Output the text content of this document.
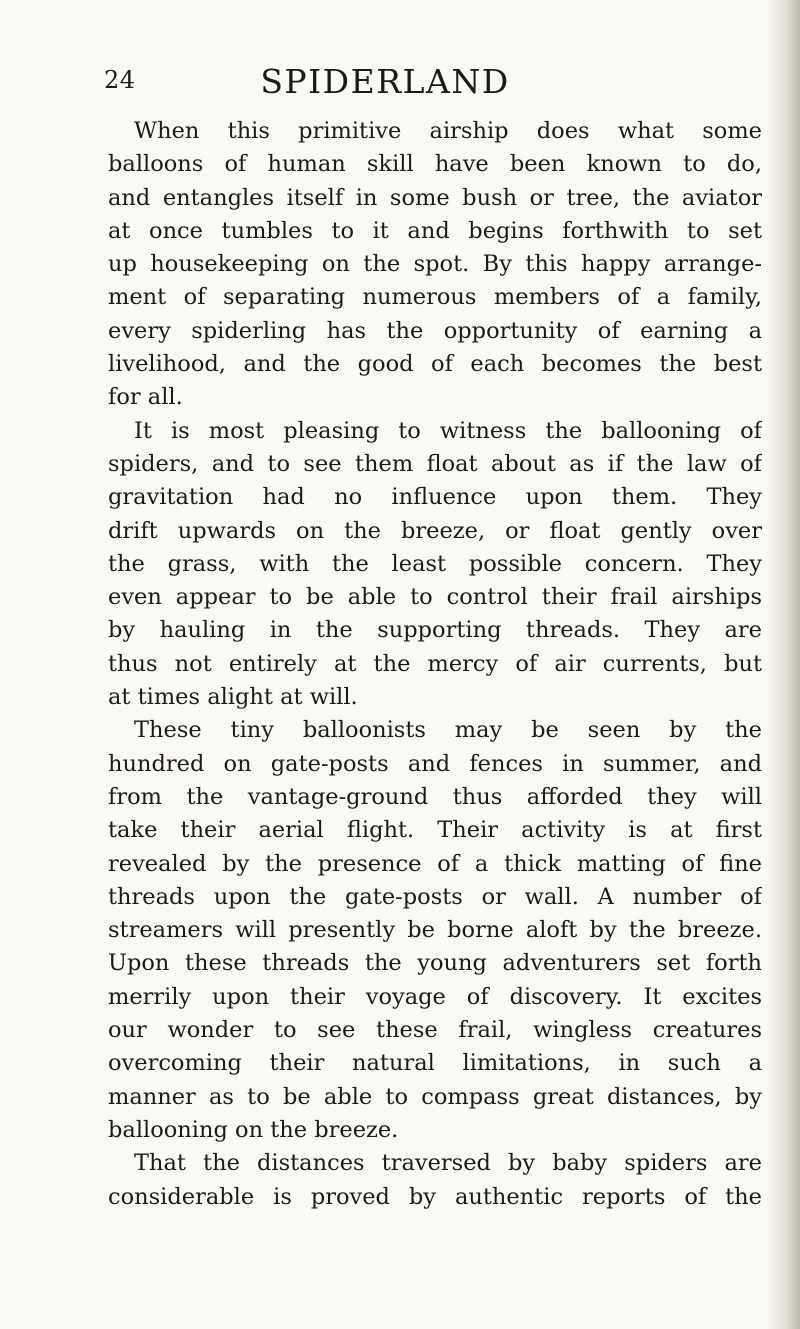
24	SPIDERLAND
When this primitive airship does what some
balloons of human skill have been known to do,
and entangles itself in some bush or tree, the aviator
at once tumbles to it and begins forthwith to set
up housekeeping on the spot. By this happy arrange-
ment of separating numerous members of a family,
every spiderling has the opportunity of earning a
livelihood, and the good of each becomes the best
for all.
It is most pleasing to witness the ballooning of
spiders, and to see them float about as if the law of
gravitation had no influence upon them. They
drift upwards on the breeze, or float gently over
the grass, with the least possible concern. They
even appear to be able to control their frail airships
by hauling in the supporting threads. They are
thus not entirely at the mercy of air currents, but
at times alight at will.
These tiny balloonists may be seen by the
hundred on gate-posts and fences in summer, and
from the vantage-ground thus afforded they will
take their aerial flight. Their activity is at first
revealed by the presence of a thick matting of fine
threads upon the gate-posts or wall. A number of
streamers will presently be borne aloft by the breeze.
Upon these threads the young adventurers set forth
merrily upon their voyage of discovery. It excites
our wonder to see these frail, wingless creatures
overcoming their natural limitations, in such a
manner as to be able to compass great distances, by
ballooning on the breeze.
That the distances traversed by baby spiders are
considerable is proved by authentic reports of the
